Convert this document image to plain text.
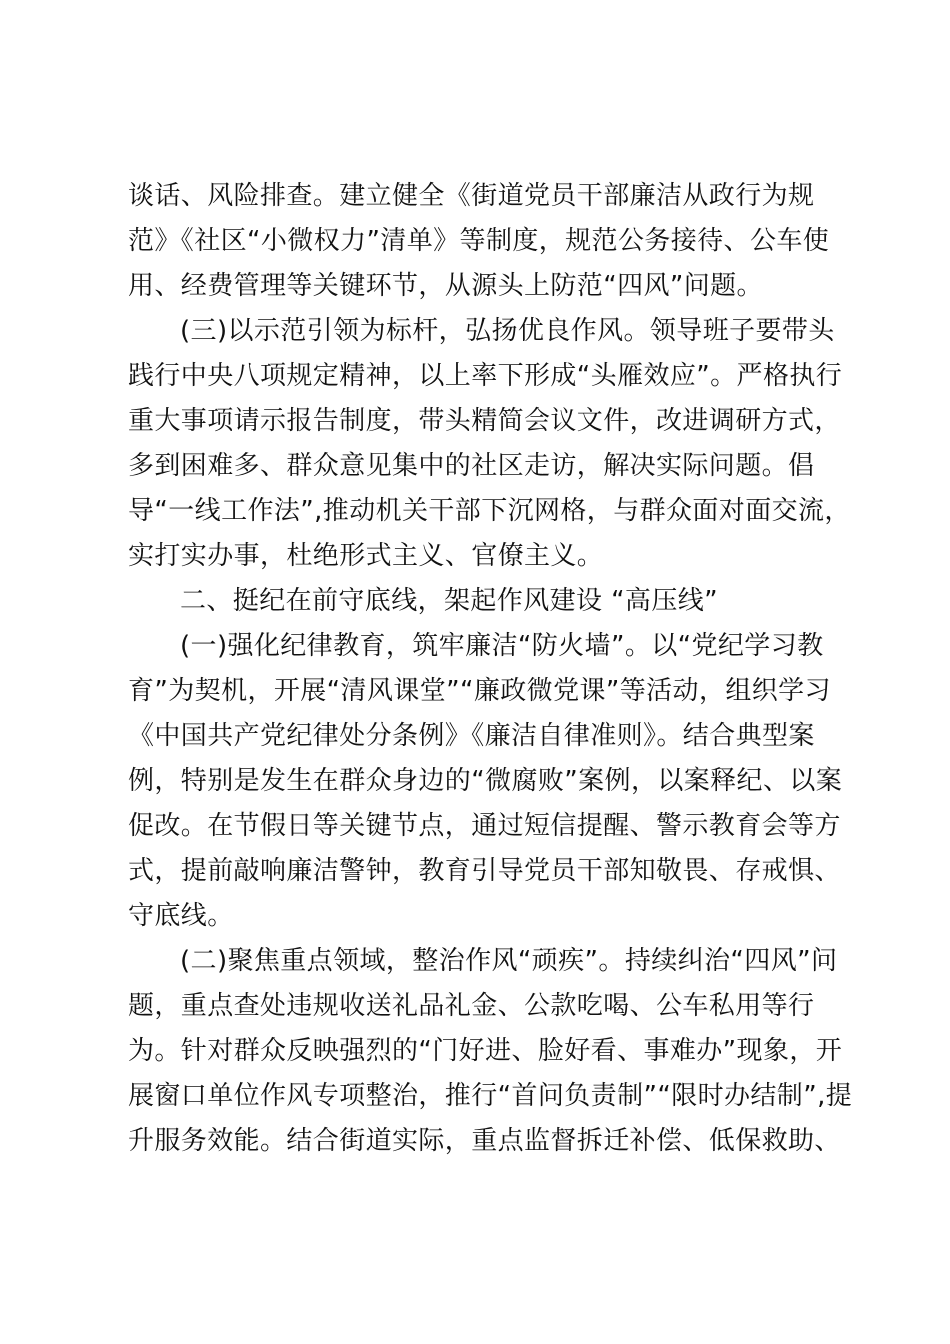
谈话、风险排查。建立健全《街道党员干部廉洁从政行为规
范》《社区“小微权力”清单》等制度，规范公务接待、公车使
用、经费管理等关键环节，从源头上防范“四风”问题。
(三)以示范引领为标杆，弘扬优良作风。领导班子要带头
践行中央八项规定精神，以上率下形成“头雁效应”。严格执行
重大事项请示报告制度，带头精简会议文件，改进调研方式，
多到困难多、群众意见集中的社区走访，解决实际问题。倡
导“一线工作法”,推动机关干部下沉网格，与群众面对面交流，
实打实办事，杜绝形式主义、官僚主义。
二、挺纪在前守底线，架起作风建设 “高压线”
(一)强化纪律教育，筑牢廉洁“防火墙”。以“党纪学习教
育”为契机，开展“清风课堂”“廉政微党课”等活动，组织学习
《中国共产党纪律处分条例》《廉洁自律准则》。结合典型案
例，特别是发生在群众身边的“微腐败”案例，以案释纪、以案
促改。在节假日等关键节点，通过短信提醒、警示教育会等方
式，提前敲响廉洁警钟，教育引导党员干部知敬畏、存戒惧、
守底线。
(二)聚焦重点领域，整治作风“顽疾”。持续纠治“四风”问
题，重点查处违规收送礼品礼金、公款吃喝、公车私用等行
为。针对群众反映强烈的“门好进、脸好看、事难办”现象，开
展窗口单位作风专项整治，推行“首问负责制”“限时办结制”,提
升服务效能。结合街道实际，重点监督拆迁补偿、低保救助、
